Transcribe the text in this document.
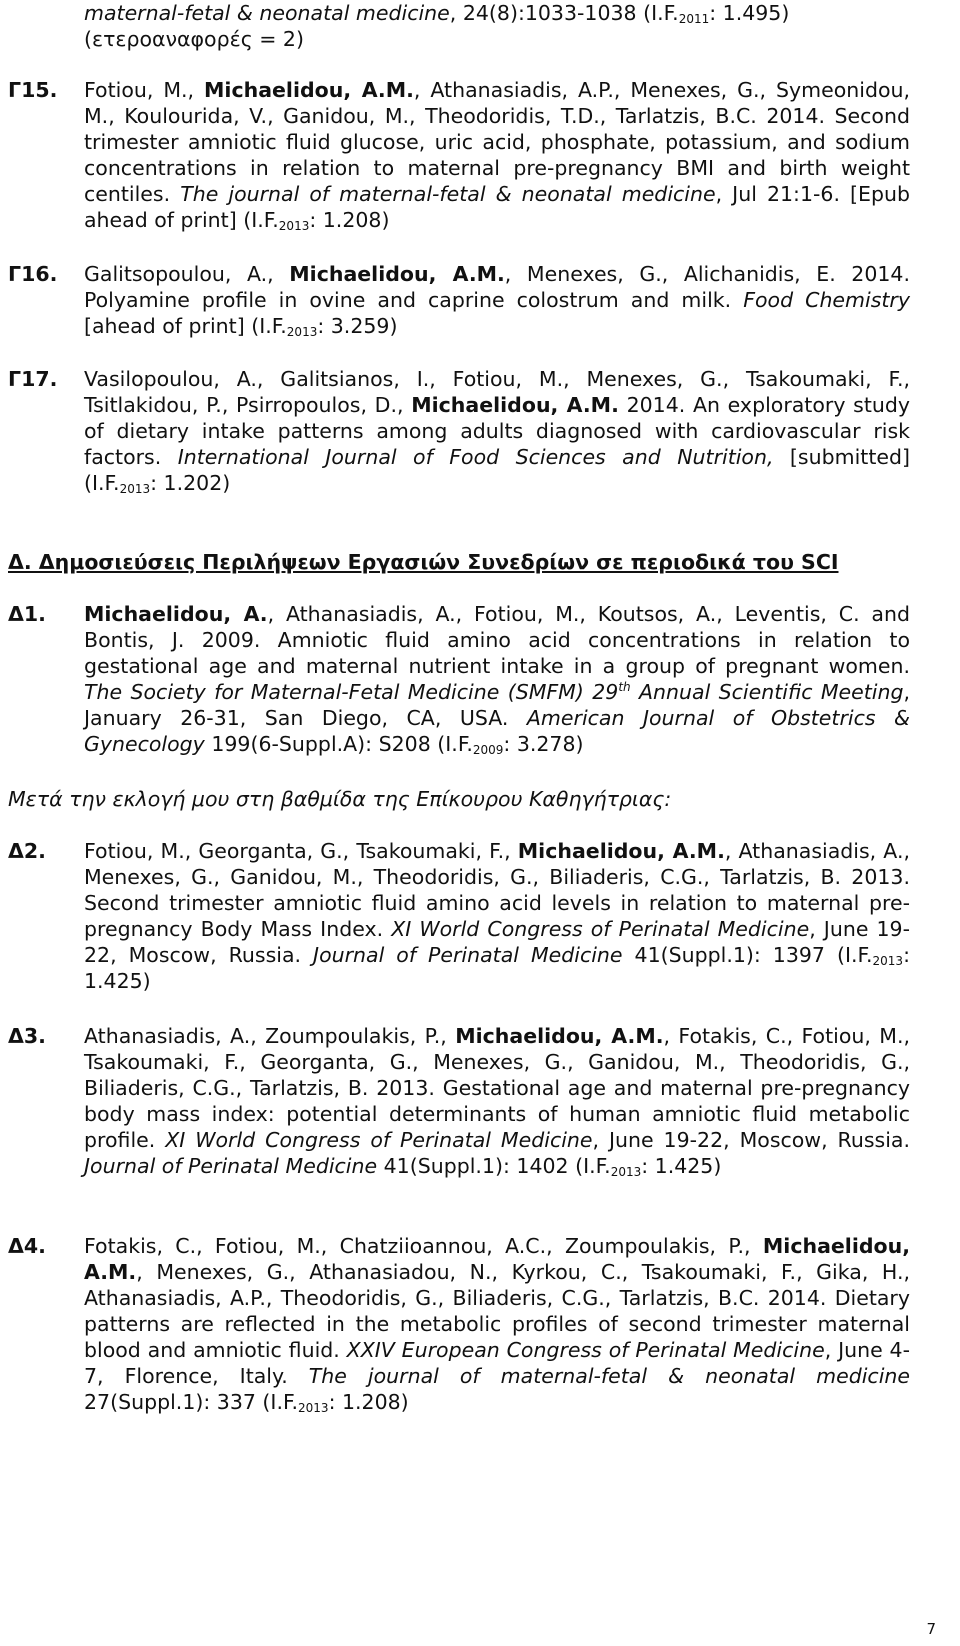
maternal-fetal & neonatal medicine, 24(8):1033-1038 ($I.F._{2011}$: 1.495)
(ετεροαναφορές = 2)
Γ15. Fotiou, M., Michaelidou, A.M., Athanasiadis, A.P., Menexes, G., Symeonidou, M., Koulourida, V., Ganidou, M., Theodoridis, T.D., Tarlatzis, B.C. 2014. Second trimester amniotic fluid glucose, uric acid, phosphate, potassium, and sodium concentrations in relation to maternal pre-pregnancy BMI and birth weight centiles. The journal of maternal-fetal & neonatal medicine, Jul 21:1-6. [Epub ahead of print] ($I.F._{2013}$: 1.208)
Γ16. Galitsopoulou, A., Michaelidou, A.M., Menexes, G., Alichanidis, E. 2014. Polyamine profile in ovine and caprine colostrum and milk. Food Chemistry [ahead of print] ($I.F._{2013}$: 3.259)
Γ17. Vasilopoulou, A., Galitsianos, I., Fotiou, M., Menexes, G., Tsakoumaki, F., Tsitlakidou, P., Psirropoulos, D., Michaelidou, A.M. 2014. An exploratory study of dietary intake patterns among adults diagnosed with cardiovascular risk factors. International Journal of Food Sciences and Nutrition, [submitted] ($I.F._{2013}$: 1.202)
Δ. Δημοσιεύσεις Περιλήψεων Εργασιών Συνεδρίων σε περιοδικά του SCI
Δ1. Michaelidou, A., Athanasiadis, A., Fotiou, M., Koutsos, A., Leventis, C. and Bontis, J. 2009. Amniotic fluid amino acid concentrations in relation to gestational age and maternal nutrient intake in a group of pregnant women. The Society for Maternal-Fetal Medicine (SMFM) 29th Annual Scientific Meeting, January 26-31, San Diego, CA, USA. American Journal of Obstetrics & Gynecology 199(6-Suppl.A): S208 ($I.F._{2009}$: 3.278)
Μετά την εκλογή μου στη βαθμίδα της Επίκουρου Καθηγήτριας:
Δ2. Fotiou, M., Georganta, G., Tsakoumaki, F., Michaelidou, A.M., Athanasiadis, A., Menexes, G., Ganidou, M., Theodoridis, G., Biliaderis, C.G., Tarlatzis, B. 2013. Second trimester amniotic fluid amino acid levels in relation to maternal pre-pregnancy Body Mass Index. XI World Congress of Perinatal Medicine, June 19-22, Moscow, Russia. Journal of Perinatal Medicine 41(Suppl.1): 1397 ($I.F._{2013}$: 1.425)
Δ3. Athanasiadis, A., Zoumpoulakis, P., Michaelidou, A.M., Fotakis, C., Fotiou, M., Tsakoumaki, F., Georganta, G., Menexes, G., Ganidou, M., Theodoridis, G., Biliaderis, C.G., Tarlatzis, B. 2013. Gestational age and maternal pre-pregnancy body mass index: potential determinants of human amniotic fluid metabolic profile. XI World Congress of Perinatal Medicine, June 19-22, Moscow, Russia. Journal of Perinatal Medicine 41(Suppl.1): 1402 ($I.F._{2013}$: 1.425)
Δ4. Fotakis, C., Fotiou, M., Chatziioannou, A.C., Zoumpoulakis, P., Michaelidou, A.M., Menexes, G., Athanasiadou, N., Kyrkou, C., Tsakoumaki, F., Gika, H., Athanasiadis, A.P., Theodoridis, G., Biliaderis, C.G., Tarlatzis, B.C. 2014. Dietary patterns are reflected in the metabolic profiles of second trimester maternal blood and amniotic fluid. XXIV European Congress of Perinatal Medicine, June 4-7, Florence, Italy. The journal of maternal-fetal & neonatal medicine 27(Suppl.1): 337 ($I.F._{2013}$: 1.208)
7
